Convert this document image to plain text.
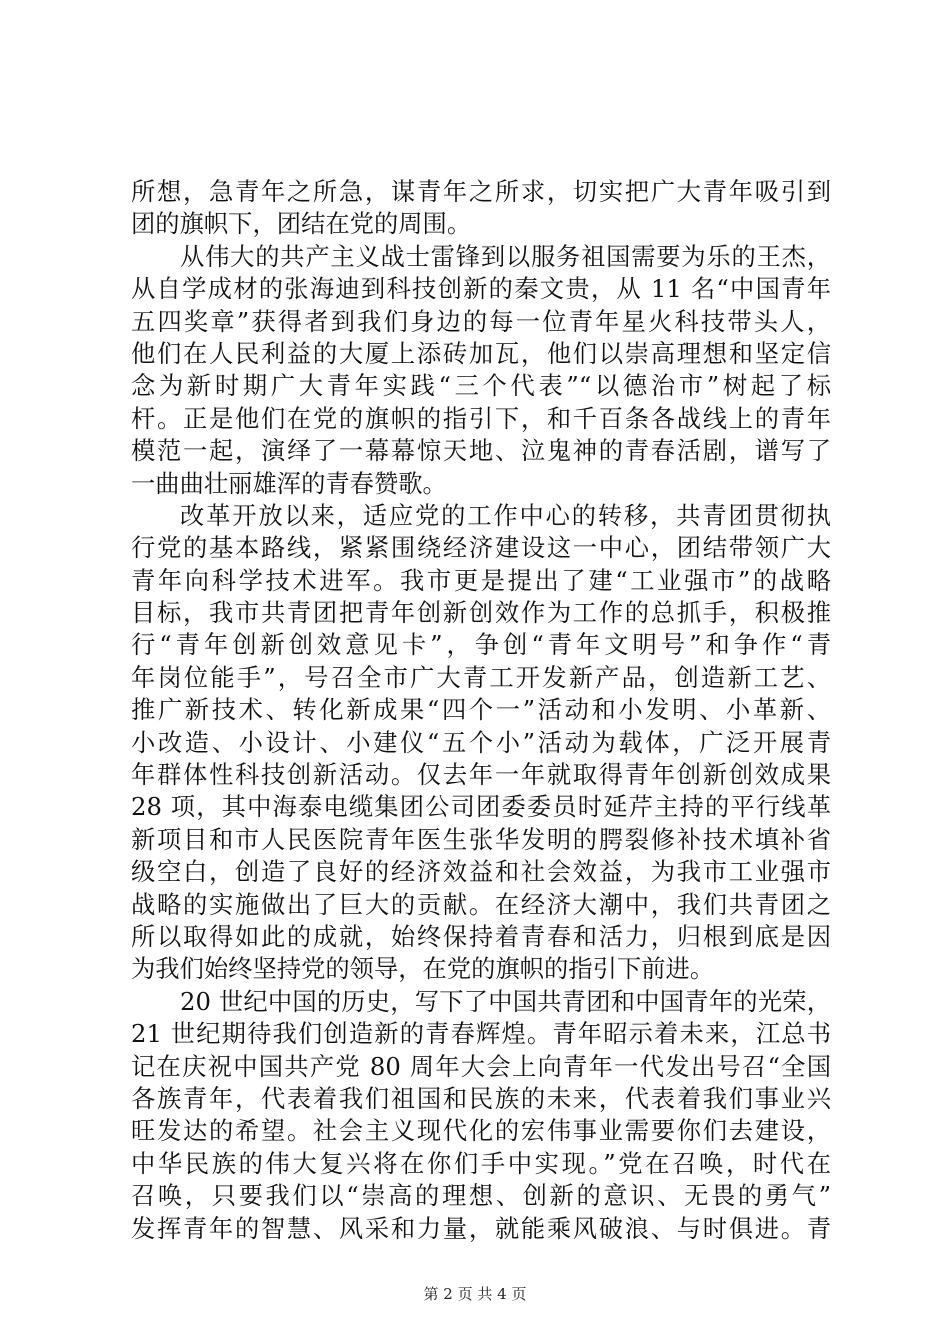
所想，急青年之所急，谋青年之所求，切实把广大青年吸引到
团的旗帜下，团结在党的周围。
从伟大的共产主义战士雷锋到以服务祖国需要为乐的王杰，
从自学成材的张海迪到科技创新的秦文贵，从 11 名“中国青年
五四奖章”获得者到我们身边的每一位青年星火科技带头人，
他们在人民利益的大厦上添砖加瓦，他们以崇高理想和坚定信
念为新时期广大青年实践“三个代表”“以德治市”树起了标
杆。正是他们在党的旗帜的指引下，和千百条各战线上的青年
模范一起，演绎了一幕幕惊天地、泣鬼神的青春活剧，谱写了
一曲曲壮丽雄浑的青春赞歌。
改革开放以来，适应党的工作中心的转移，共青团贯彻执
行党的基本路线，紧紧围绕经济建设这一中心，团结带领广大
青年向科学技术进军。我市更是提出了建“工业强市”的战略
目标，我市共青团把青年创新创效作为工作的总抓手，积极推
行“青年创新创效意见卡”，争创“青年文明号”和争作“青
年岗位能手”，号召全市广大青工开发新产品，创造新工艺、
推广新技术、转化新成果“四个一”活动和小发明、小革新、
小改造、小设计、小建仪“五个小”活动为载体，广泛开展青
年群体性科技创新活动。仅去年一年就取得青年创新创效成果
28 项，其中海泰电缆集团公司团委委员时延芹主持的平行线革
新项目和市人民医院青年医生张华发明的腭裂修补技术填补省
级空白，创造了良好的经济效益和社会效益，为我市工业强市
战略的实施做出了巨大的贡献。在经济大潮中，我们共青团之
所以取得如此的成就，始终保持着青春和活力，归根到底是因
为我们始终坚持党的领导，在党的旗帜的指引下前进。
20 世纪中国的历史，写下了中国共青团和中国青年的光荣，
21 世纪期待我们创造新的青春辉煌。青年昭示着未来，江总书
记在庆祝中国共产党 80 周年大会上向青年一代发出号召“全国
各族青年，代表着我们祖国和民族的未来，代表着我们事业兴
旺发达的希望。社会主义现代化的宏伟事业需要你们去建设，
中华民族的伟大复兴将在你们手中实现。”党在召唤，时代在
召唤，只要我们以“崇高的理想、创新的意识、无畏的勇气”
发挥青年的智慧、风采和力量，就能乘风破浪、与时俱进。青
第 2 页 共 4 页
